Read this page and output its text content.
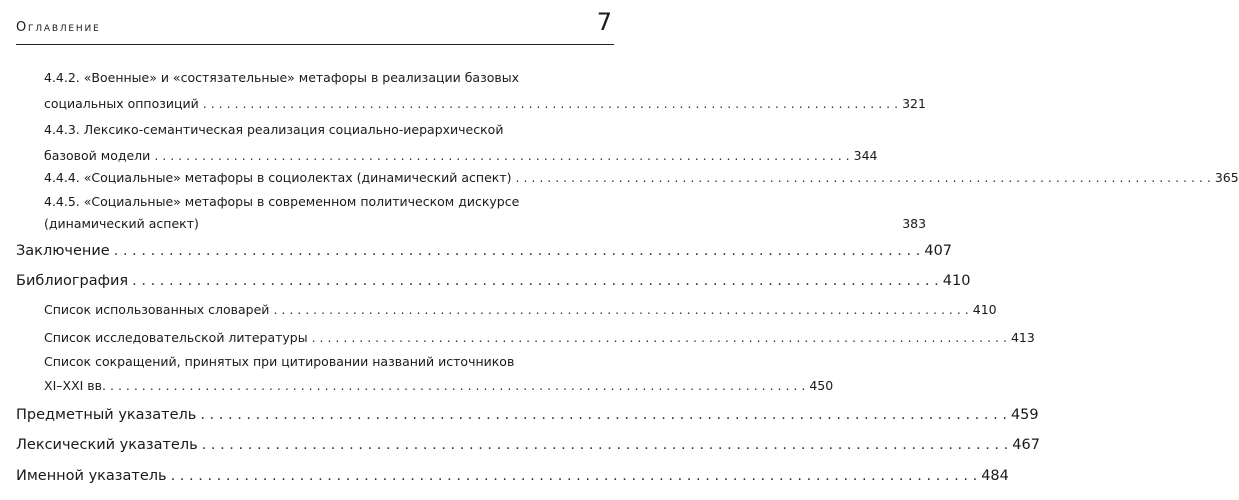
Оглавление	7
4.4.2. «Военные» и «состязательные» метафоры в реализации базовых
социальных оппозиций . . .	321
4.4.3. Лексико-семантическая реализация социально-иерархической
базовой модели . . .	344
4.4.4. «Социальные» метафоры в социолектах (динамический аспект) . . .	365
4.4.5. «Социальные» метафоры в современном политическом дискурсе
(динамический аспект)	383
Заключение . . .	407
Библиография . . .	410
Список использованных словарей . . .	410
Список исследовательской литературы . . .	413
Список сокращений, принятых при цитировании названий источников
XI–XXI вв. . . .	450
Предметный указатель . . .	459
Лексический указатель . . .	467
Именной указатель . . .	484
